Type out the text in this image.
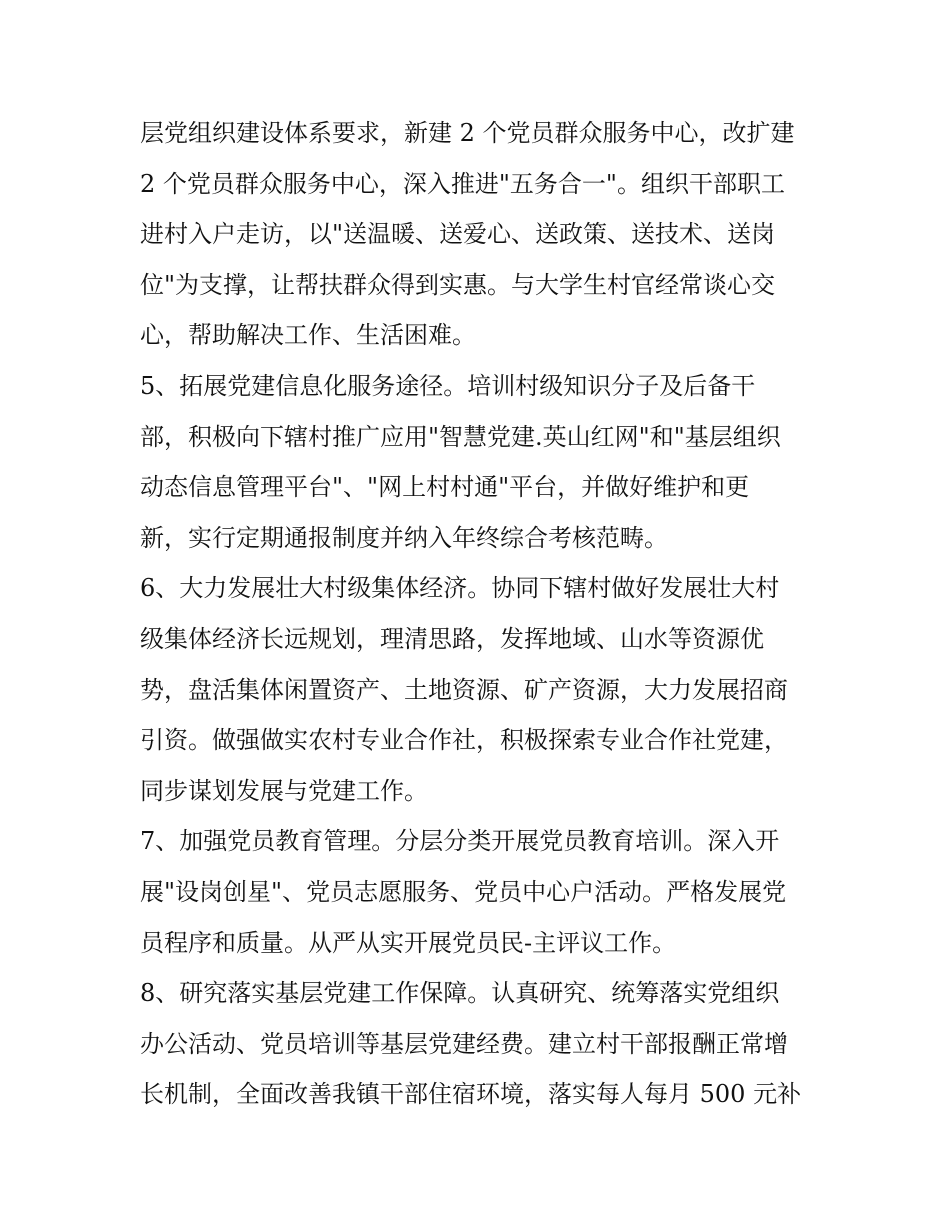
层党组织建设体系要求，新建 2 个党员群众服务中心，改扩建
2 个党员群众服务中心，深入推进"五务合一"。组织干部职工
进村入户走访，以"送温暖、送爱心、送政策、送技术、送岗
位"为支撑，让帮扶群众得到实惠。与大学生村官经常谈心交
心，帮助解决工作、生活困难。
5、拓展党建信息化服务途径。培训村级知识分子及后备干
部，积极向下辖村推广应用"智慧党建.英山红网"和"基层组织
动态信息管理平台"、"网上村村通"平台，并做好维护和更
新，实行定期通报制度并纳入年终综合考核范畴。
6、大力发展壮大村级集体经济。协同下辖村做好发展壮大村
级集体经济长远规划，理清思路，发挥地域、山水等资源优
势，盘活集体闲置资产、土地资源、矿产资源，大力发展招商
引资。做强做实农村专业合作社，积极探索专业合作社党建，
同步谋划发展与党建工作。
7、加强党员教育管理。分层分类开展党员教育培训。深入开
展"设岗创星"、党员志愿服务、党员中心户活动。严格发展党
员程序和质量。从严从实开展党员民-主评议工作。
8、研究落实基层党建工作保障。认真研究、统筹落实党组织
办公活动、党员培训等基层党建经费。建立村干部报酬正常增
长机制，全面改善我镇干部住宿环境，落实每人每月 500 元补
